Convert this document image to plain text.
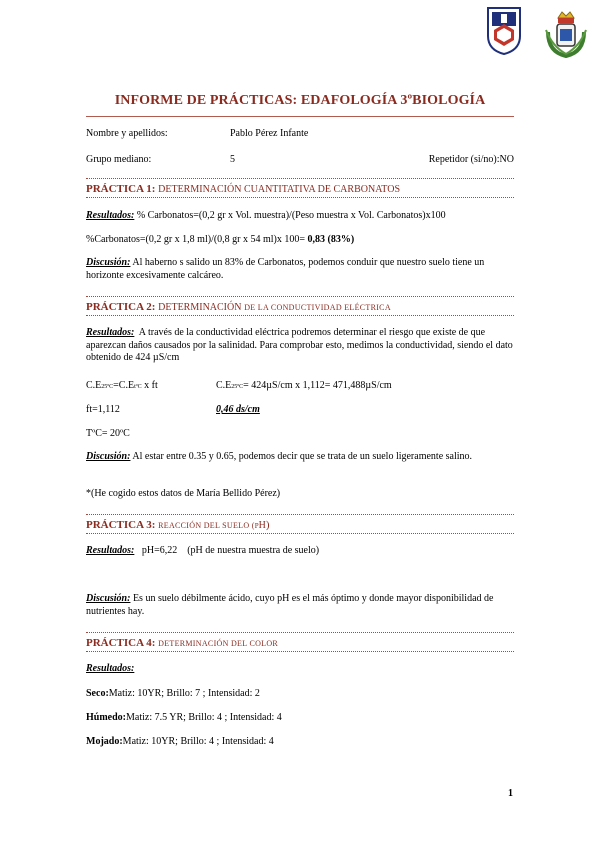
INFORME DE PRÁCTICAS: EDAFOLOGÍA 3ºBIOLOGÍA
Nombre y apellidos:	Pablo Pérez Infante
Grupo mediano:	5	Repetidor (si/no):NO
PRÁCTICA 1: DETERMINACIÓN CUANTITATIVA DE CARBONATOS
Resultados: % Carbonatos=(0,2 gr x Vol. muestra)/(Peso muestra x Vol. Carbonatos)x100
%Carbonatos=(0,2 gr x 1,8 ml)/(0,8 gr x 54 ml)x 100= 0,83 (83%)
Discusión: Al haberno s salido un 83% de Carbonatos, podemos conduir que nuestro suelo tiene un horizonte excesivamente calcáreo.
PRÁCTICA 2: DETERMINACIÓN DE LA CONDUCTIVIDAD ELÉCTRICA
Resultados: A través de la conductividad eléctrica podremos determinar el riesgo que existe de que aparezcan daños causados por la salinidad. Para comprobar esto, medimos la conductividad, siendo el dato obtenido de 424 µS/cm
C.E25ºC=C.EtºC x ft	C.E25ºC= 424µS/cm x 1,112= 471,488µS/cm
ft=1,112	0,46 ds/cm
TºC= 20ºC
Discusión: Al estar entre 0.35 y 0.65, podemos decir que se trata de un suelo ligeramente salino.
*(He cogido estos datos de María Bellido Pérez)
PRÁCTICA 3: REACCIÓN DEL SUELO (pH)
Resultados: pH=6,22    (pH de nuestra muestra de suelo)
Discusión: Es un suelo débilmente ácido, cuyo pH es el más óptimo y donde mayor disponibilidad de nutrientes hay.
PRÁCTICA 4: DETERMINACIÓN DEL COLOR
Resultados:
Seco:Matiz: 10YR; Brillo: 7 ; Intensidad: 2
Húmedo:Matiz: 7.5 YR; Brillo: 4 ; Intensidad: 4
Mojado:Matiz: 10YR; Brillo: 4 ; Intensidad: 4
1
